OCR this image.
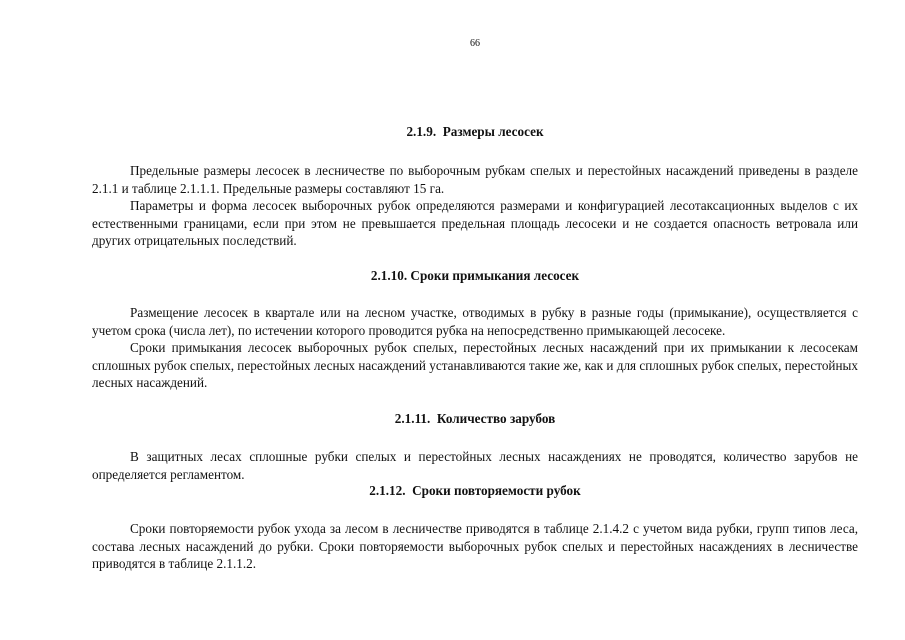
66
2.1.9.  Размеры лесосек

Предельные размеры лесосек в лесничестве по выборочным рубкам спелых и перестойных насаждений приведены в разделе 2.1.1 и таблице 2.1.1.1. Предельные размеры составляют 15 га.

Параметры и форма лесосек выборочных рубок определяются размерами и конфигурацией лесотаксационных выделов с их естественными границами, если при этом не превышается предельная площадь лесосеки и не создается опасность ветровала или других отрицательных последствий.

2.1.10. Сроки примыкания лесосек

Размещение лесосек в квартале или на лесном участке, отводимых в рубку в разные годы (примыкание), осуществляется с учетом срока (числа лет), по истечении которого проводится рубка на непосредственно примыкающей лесосеке.

Сроки примыкания лесосек выборочных рубок спелых, перестойных лесных насаждений при их примыкании к лесосекам сплошных рубок спелых, перестойных лесных насаждений устанавливаются такие же, как и для сплошных рубок спелых, перестойных лесных насаждений.

2.1.11.  Количество зарубов

В защитных лесах сплошные рубки спелых и перестойных лесных насаждениях не проводятся, количество зарубов не определяется регламентом.

2.1.12.  Сроки повторяемости рубок

Сроки повторяемости рубок ухода за лесом в лесничестве приводятся в таблице 2.1.4.2 с учетом вида рубки, групп типов леса, состава лесных насаждений до рубки. Сроки повторяемости выборочных рубок спелых и перестойных насаждениях в лесничестве приводятся в таблице 2.1.1.2.
